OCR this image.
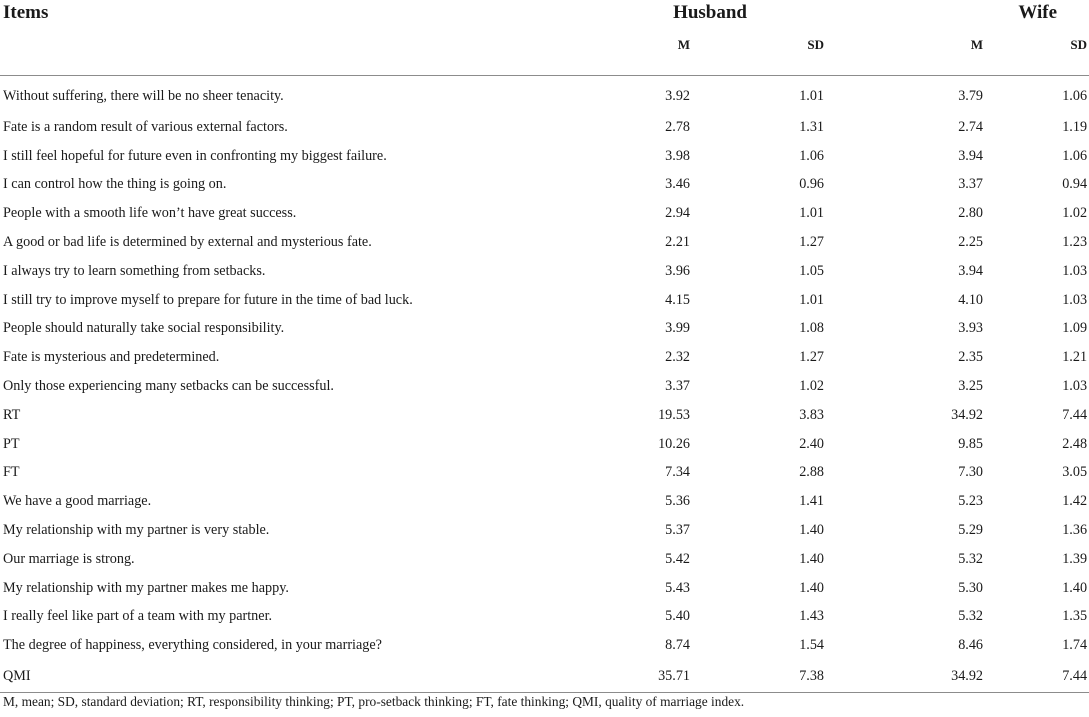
Items	Husband		Wife	
	M	SD	M	SD
Without suffering, there will be no sheer tenacity.	3.92	1.01	3.79	1.06
Fate is a random result of various external factors.	2.78	1.31	2.74	1.19
I still feel hopeful for future even in confronting my biggest failure.	3.98	1.06	3.94	1.06
I can control how the thing is going on.	3.46	0.96	3.37	0.94
People with a smooth life won’t have great success.	2.94	1.01	2.80	1.02
A good or bad life is determined by external and mysterious fate.	2.21	1.27	2.25	1.23
I always try to learn something from setbacks.	3.96	1.05	3.94	1.03
I still try to improve myself to prepare for future in the time of bad luck.	4.15	1.01	4.10	1.03
People should naturally take social responsibility.	3.99	1.08	3.93	1.09
Fate is mysterious and predetermined.	2.32	1.27	2.35	1.21
Only those experiencing many setbacks can be successful.	3.37	1.02	3.25	1.03
RT	19.53	3.83	34.92	7.44
PT	10.26	2.40	9.85	2.48
FT	7.34	2.88	7.30	3.05
We have a good marriage.	5.36	1.41	5.23	1.42
My relationship with my partner is very stable.	5.37	1.40	5.29	1.36
Our marriage is strong.	5.42	1.40	5.32	1.39
My relationship with my partner makes me happy.	5.43	1.40	5.30	1.40
I really feel like part of a team with my partner.	5.40	1.43	5.32	1.35
The degree of happiness, everything considered, in your marriage?	8.74	1.54	8.46	1.74
QMI	35.71	7.38	34.92	7.44
M, mean; SD, standard deviation; RT, responsibility thinking; PT, pro-setback thinking; FT, fate thinking; QMI, quality of marriage index.
